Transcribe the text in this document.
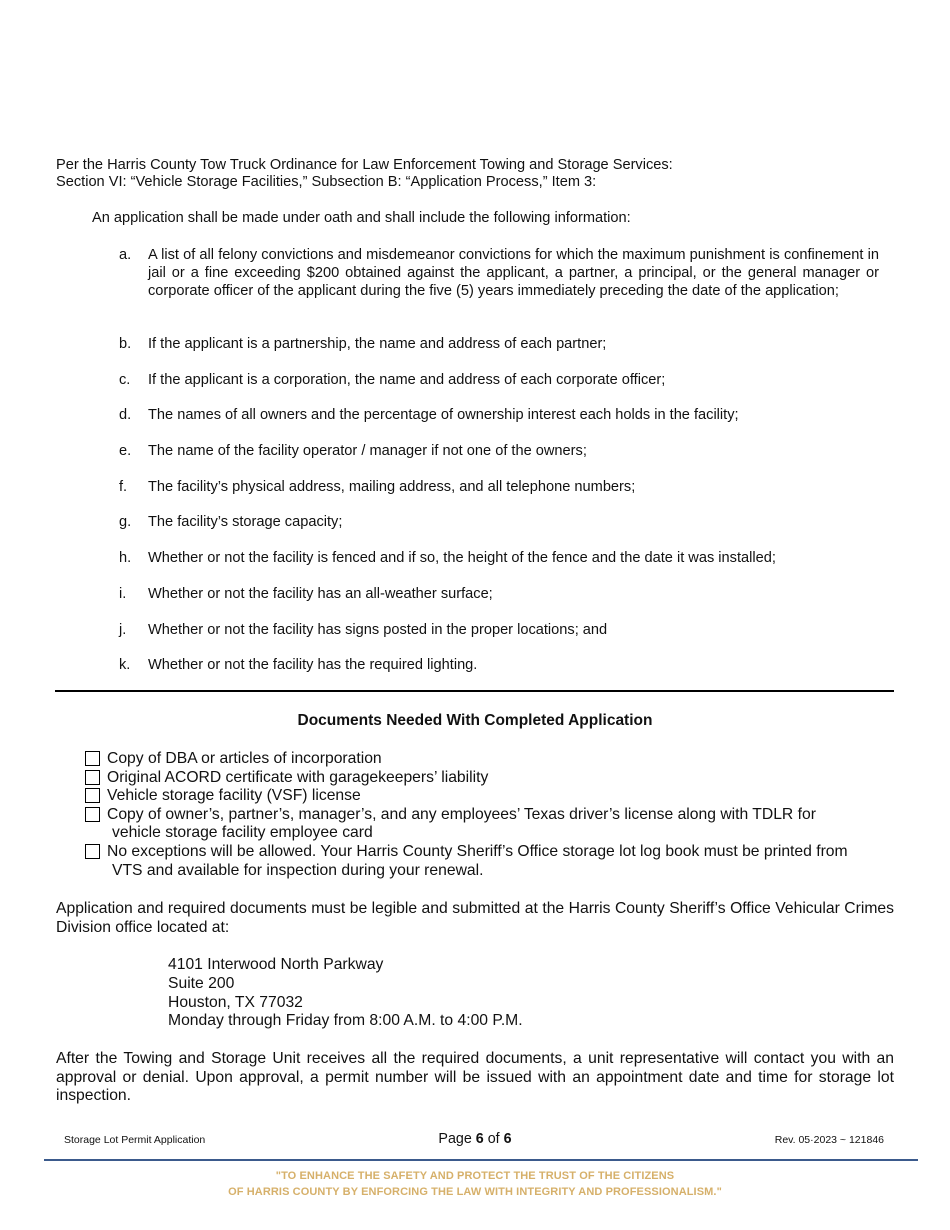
Per the Harris County Tow Truck Ordinance for Law Enforcement Towing and Storage Services:
Section VI: “Vehicle Storage Facilities,” Subsection B: “Application Process,” Item 3:
An application shall be made under oath and shall include the following information:
a.	A list of all felony convictions and misdemeanor convictions for which the maximum punishment is confinement in jail or a fine exceeding $200 obtained against the applicant, a partner, a principal, or the general manager or corporate officer of the applicant during the five (5) years immediately preceding the date of the application;
b.	If the applicant is a partnership, the name and address of each partner;
c.	If the applicant is a corporation, the name and address of each corporate officer;
d.	The names of all owners and the percentage of ownership interest each holds in the facility;
e.	The name of the facility operator / manager if not one of the owners;
f.	The facility’s physical address, mailing address, and all telephone numbers;
g.	The facility’s storage capacity;
h.	Whether or not the facility is fenced and if so, the height of the fence and the date it was installed;
i.	Whether or not the facility has an all-weather surface;
j.	Whether or not the facility has signs posted in the proper locations; and
k.	Whether or not the facility has the required lighting.
Documents Needed With Completed Application
Copy of DBA or articles of incorporation
Original ACORD certificate with garagekeepers’ liability
Vehicle storage facility (VSF) license
Copy of owner’s, partner’s, manager’s, and any employees’ Texas driver’s license along with TDLR for
vehicle storage facility employee card
No exceptions will be allowed. Your Harris County Sheriff’s Office storage lot log book must be printed from
VTS and available for inspection during your renewal.
Application and required documents must be legible and submitted at the Harris County Sheriff’s Office Vehicular Crimes Division office located at:
4101 Interwood North Parkway
Suite 200
Houston, TX 77032
Monday through Friday from 8:00 A.M. to 4:00 P.M.
After the Towing and Storage Unit receives all the required documents, a unit representative will contact you with an approval or denial. Upon approval, a permit number will be issued with an appointment date and time for storage lot inspection.
Storage Lot Permit Application	Page 6 of 6	Rev. 05·2023 ~ 121846
"TO ENHANCE THE SAFETY AND PROTECT THE TRUST OF THE CITIZENS
OF HARRIS COUNTY BY ENFORCING THE LAW WITH INTEGRITY AND PROFESSIONALISM."
